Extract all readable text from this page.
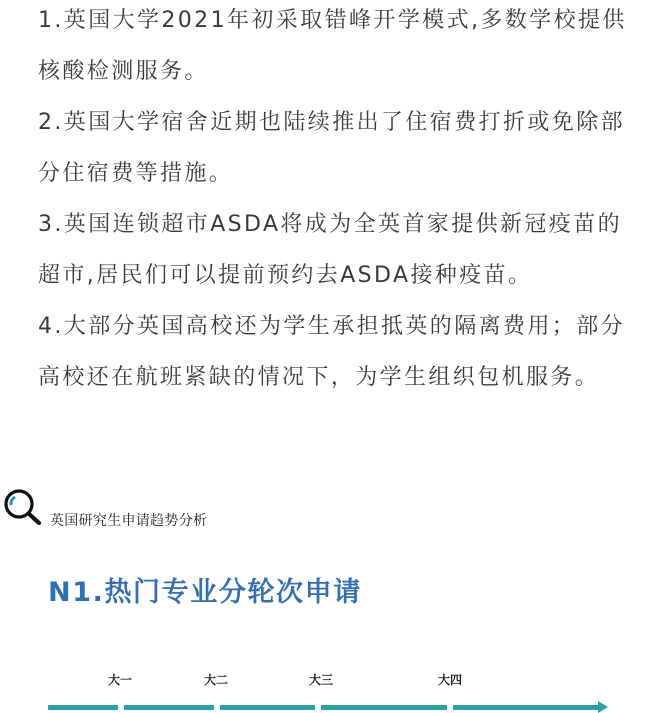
1.英国大学2021年初采取错峰开学模式,多数学校提供核酸检测服务。

2.英国大学宿舍近期也陆续推出了住宿费打折或免除部分住宿费等措施。

3.英国连锁超市ASDA将成为全英首家提供新冠疫苗的超市,居民们可以提前预约去ASDA接种疫苗。

4.大部分英国高校还为学生承担抵英的隔离费用；部分高校还在航班紧缺的情况下，为学生组织包机服务。

英国研究生申请趋势分析
N1.热门专业分轮次申请
大一	大二	大三	大四
